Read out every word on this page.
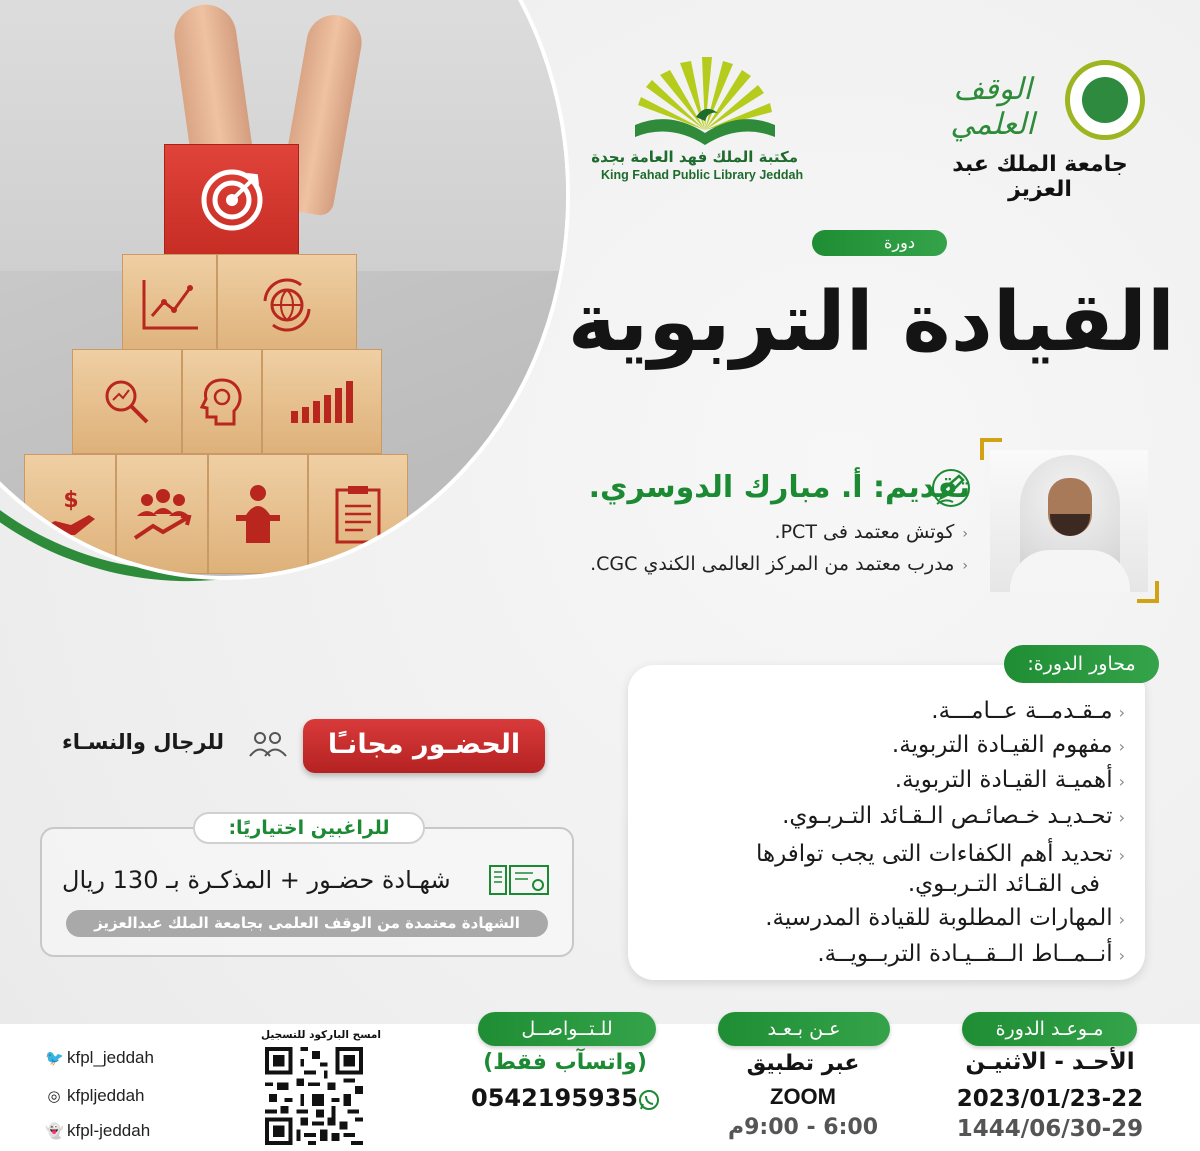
$
مكتبة الملك فهد العامة بجدة
King Fahad Public Library Jeddah
الوقف العلمي
جامعة الملك عبد العزيز
دورة
القيادة التربوية
تقديم: أ. مبارك الدوسري.
‹كوتش معتمد فى PCT.
‹مدرب معتمد من المركز العالمى الكندي CGC.
محاور الدورة:
‹مـقـدمــة عــامـــة.
‹مفهوم القيـادة التربوية.
‹أهميـة القيـادة التربوية.
‹تحـديـد خـصائـص الـقـائد التـربـوي.
‹تحديد أهم الكفاءات التى يجب توافرها
فى القـائد التـربـوي.
‹المهارات المطلوبة للقيادة المدرسية.
‹أنــمــاط الــقــيـادة التربــويــة.
الحضـور مجانـًا
للرجال والنسـاء
للراغبين اختياريًا:
شهـادة حضـور + المذكـرة بـ 130 ريال
الشهادة معتمدة من الوقف العلمى بجامعة الملك عبدالعزيز
مـوعـد الدورة
الأحـد - الاثنيـن
2023/01/23-22
1444/06/30-29
عـن بـعـد
عبر تطبيق
ZOOM
6:00 - 9:00م
للـتــواصــل
(واتسآب فقط)
0542195935
امسح الباركود للتسجيل
🐦 kfpl_jeddah
◎ kfpljeddah
👻 kfpl-jeddah
